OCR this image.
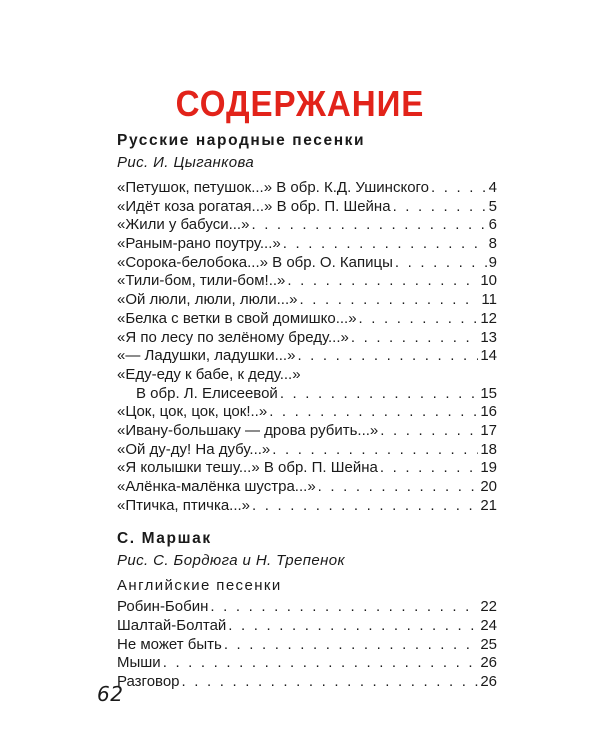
СОДЕРЖАНИЕ
Русские народные песенки
Рис. И. Цыганкова
«Петушок, петушок...» В обр. К.Д. Ушинского . . .	4
«Идёт коза рогатая...» В обр. П. Шейна . . .	5
«Жили у бабуси...» . . .	6
«Раным-рано поутру...» . . .	8
«Сорока-белобока...» В обр. О. Капицы . . .	9
«Тили-бом, тили-бом!..» . . .	10
«Ой люли, люли, люли...» . . .	11
«Белка с ветки в свой домишко...» . . .	12
«Я по лесу по зелёному бреду...» . . .	13
«— Ладушки, ладушки...» . . .	14
«Еду-еду к бабе, к деду...»
В обр. Л. Елисеевой . . .	15
«Цок, цок, цок, цок!..» . . .	16
«Ивану-большаку — дрова рубить...» . . .	17
«Ой ду-ду! На дубу...» . . .	18
«Я колышки тешу...» В обр. П. Шейна . . .	19
«Алёнка-малёнка шустра...» . . .	20
«Птичка, птичка...» . . .	21
С. Маршак
Рис. С. Бордюга и Н. Трепенок
Английские песенки
Робин-Бобин . . .	22
Шалтай-Болтай . . .	24
Не может быть . . .	25
Мыши . . .	26
Разговор . . .	26
62
